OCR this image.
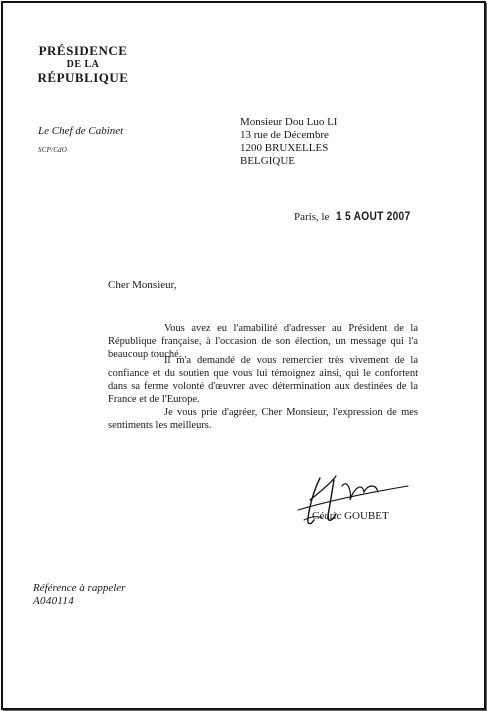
PRÉSIDENCE
DE LA
RÉPUBLIQUE
Le Chef de Cabinet
SCP/CdO
Monsieur Dou Luo LI
13 rue de Décembre
1200 BRUXELLES
BELGIQUE
Paris, le 1 5 AOUT 2007
Cher Monsieur,
Vous avez eu l'amabilité d'adresser au Président de la République française, à l'occasion de son élection, un message qui l'a beaucoup touché.
Il m'a demandé de vous remercier très vivement de la confiance et du soutien que vous lui témoignez ainsi, qui le confortent dans sa ferme volonté d'œuvrer avec détermination aux destinées de la France et de l'Europe.
Je vous prie d'agréer, Cher Monsieur, l'expression de mes sentiments les meilleurs.
Cédric GOUBET
Référence à rappeler
A040114
